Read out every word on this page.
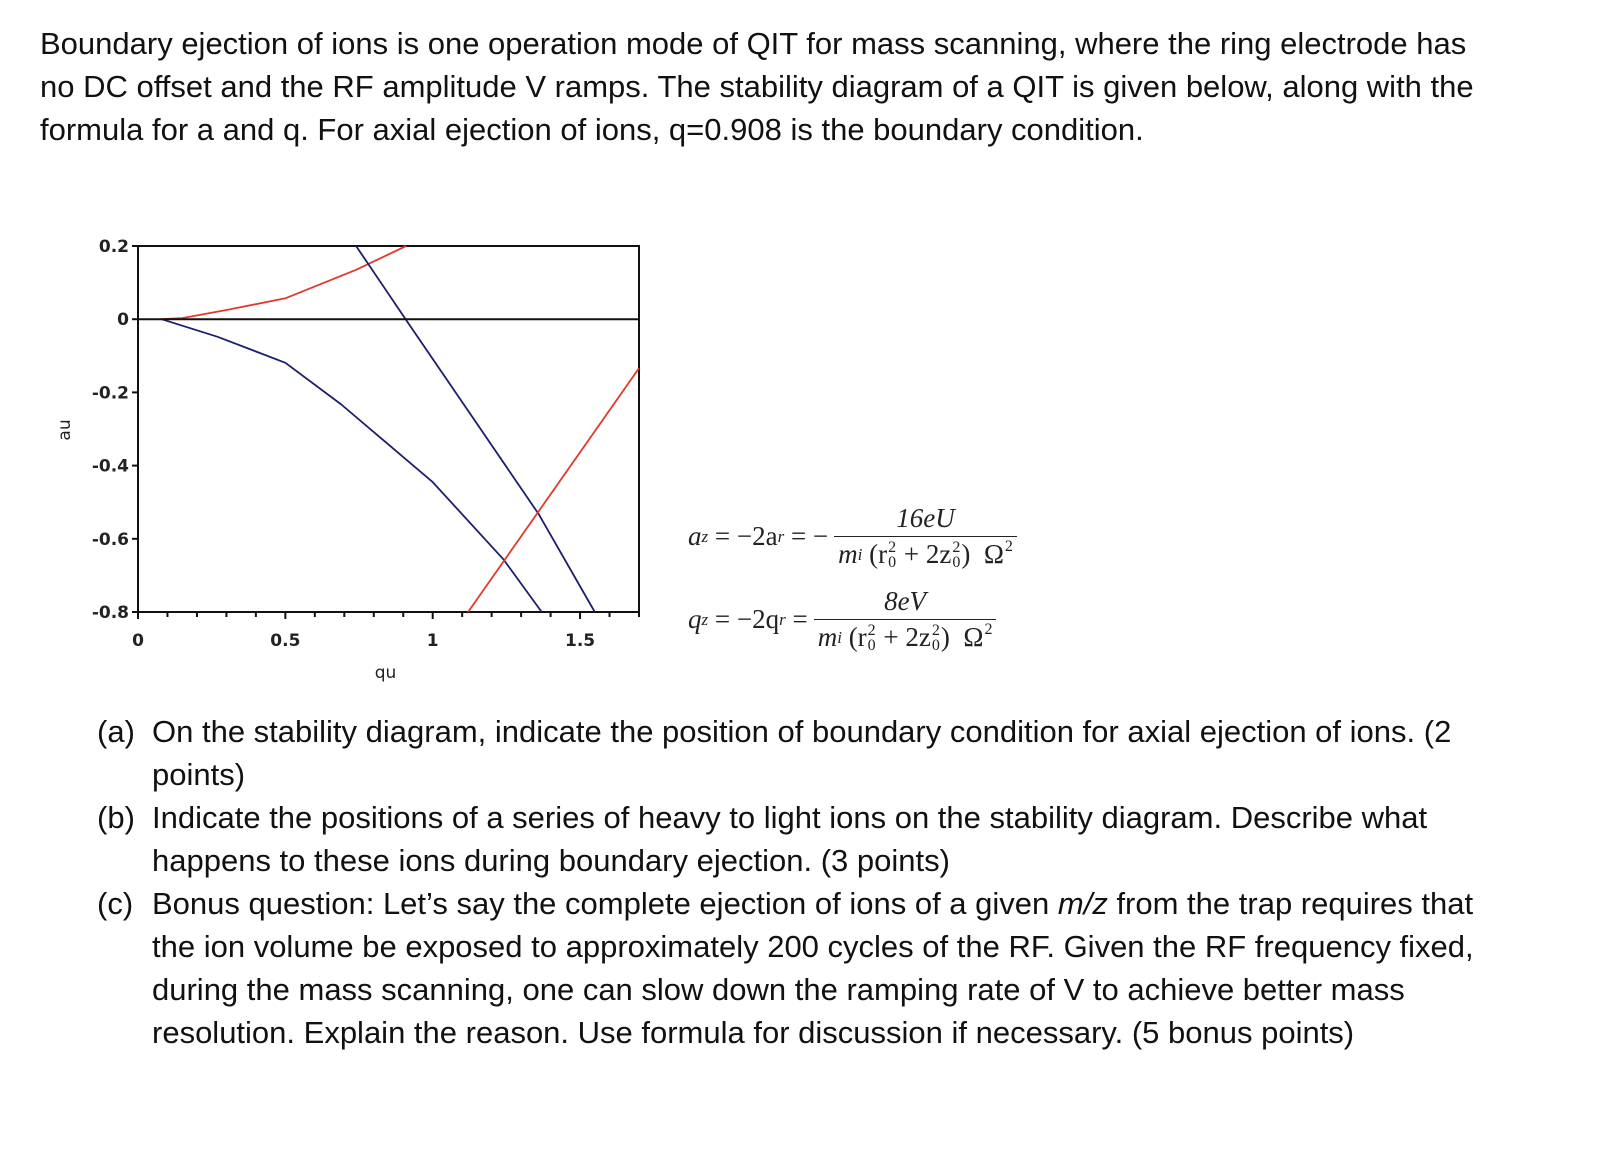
Boundary ejection of ions is one operation mode of QIT for mass scanning, where the ring electrode has no DC offset and the RF amplitude V ramps. The stability diagram of a QIT is given below, along with the formula for a and q. For axial ejection of ions, q=0.908 is the boundary condition.
0.2
0
-0.2
-0.4
-0.6
-0.8
0	0.5	1	1.5
qu
au
a z = −2a r = − 16eU
m i (r 2
0 + 2z 2
0 )  Ω 2
q z = −2q r = 8eV
m i (r 2
0 + 2z 2
0 )  Ω 2
(a) On the stability diagram, indicate the position of boundary condition for axial ejection of ions. (2 points)
(b) Indicate the positions of a series of heavy to light ions on the stability diagram. Describe what happens to these ions during boundary ejection. (3 points)
(c) Bonus question: Let’s say the complete ejection of ions of a given m/z from the trap requires that the ion volume be exposed to approximately 200 cycles of the RF. Given the RF frequency fixed, during the mass scanning, one can slow down the ramping rate of V to achieve better mass resolution. Explain the reason. Use formula for discussion if necessary. (5 bonus points)
